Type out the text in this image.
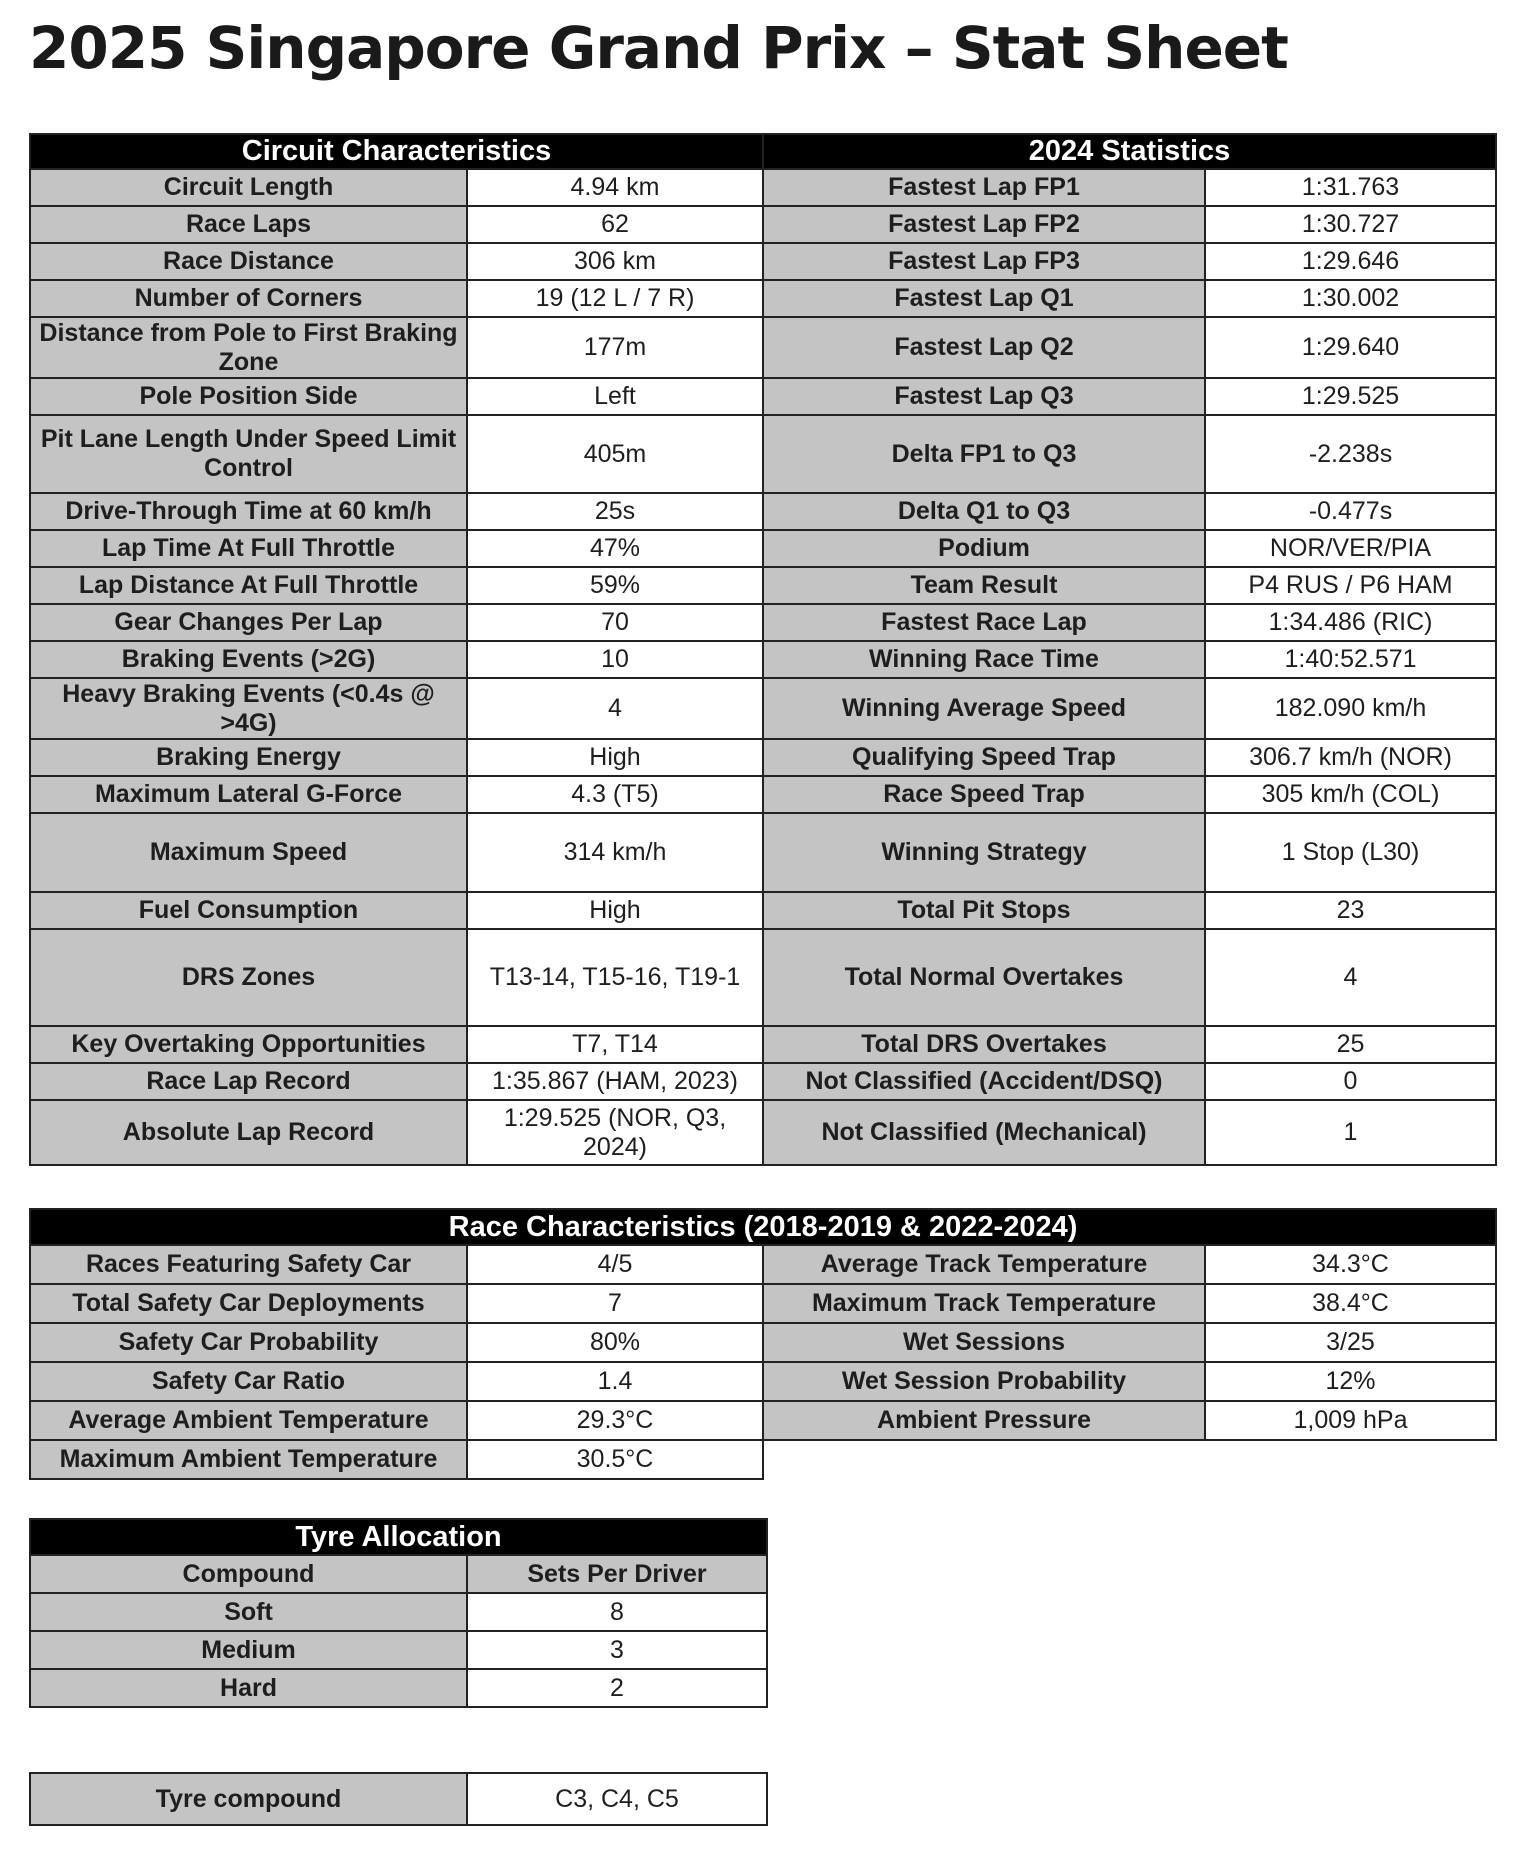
2025 Singapore Grand Prix – Stat Sheet
Circuit Characteristics		2024 Statistics	
Circuit Length	4.94 km	Fastest Lap FP1	1:31.763
Race Laps	62	Fastest Lap FP2	1:30.727
Race Distance	306 km	Fastest Lap FP3	1:29.646
Number of Corners	19 (12 L / 7 R)	Fastest Lap Q1	1:30.002
Distance from Pole to First Braking Zone	177m	Fastest Lap Q2	1:29.640
Pole Position Side	Left	Fastest Lap Q3	1:29.525
Pit Lane Length Under Speed Limit Control	405m	Delta FP1 to Q3	-2.238s
Drive-Through Time at 60 km/h	25s	Delta Q1 to Q3	-0.477s
Lap Time At Full Throttle	47%	Podium	NOR/VER/PIA
Lap Distance At Full Throttle	59%	Team Result	P4 RUS / P6 HAM
Gear Changes Per Lap	70	Fastest Race Lap	1:34.486 (RIC)
Braking Events (>2G)	10	Winning Race Time	1:40:52.571
Heavy Braking Events (<0.4s @ >4G)	4	Winning Average Speed	182.090 km/h
Braking Energy	High	Qualifying Speed Trap	306.7 km/h (NOR)
Maximum Lateral G-Force	4.3 (T5)	Race Speed Trap	305 km/h (COL)
Maximum Speed	314 km/h	Winning Strategy	1 Stop (L30)
Fuel Consumption	High	Total Pit Stops	23
DRS Zones	T13-14, T15-16, T19-1	Total Normal Overtakes	4
Key Overtaking Opportunities	T7, T14	Total DRS Overtakes	25
Race Lap Record	1:35.867 (HAM, 2023)	Not Classified (Accident/DSQ)	0
Absolute Lap Record	1:29.525 (NOR, Q3, 2024)	Not Classified (Mechanical)	1
Race Characteristics (2018-2019 & 2022-2024)			
Races Featuring Safety Car	4/5	Average Track Temperature	34.3°C
Total Safety Car Deployments	7	Maximum Track Temperature	38.4°C
Safety Car Probability	80%	Wet Sessions	3/25
Safety Car Ratio	1.4	Wet Session Probability	12%
Average Ambient Temperature	29.3°C	Ambient Pressure	1,009 hPa
Maximum Ambient Temperature	30.5°C		
Tyre Allocation	
Compound	Sets Per Driver
Soft	8
Medium	3
Hard	2
Tyre compound	C3, C4, C5
